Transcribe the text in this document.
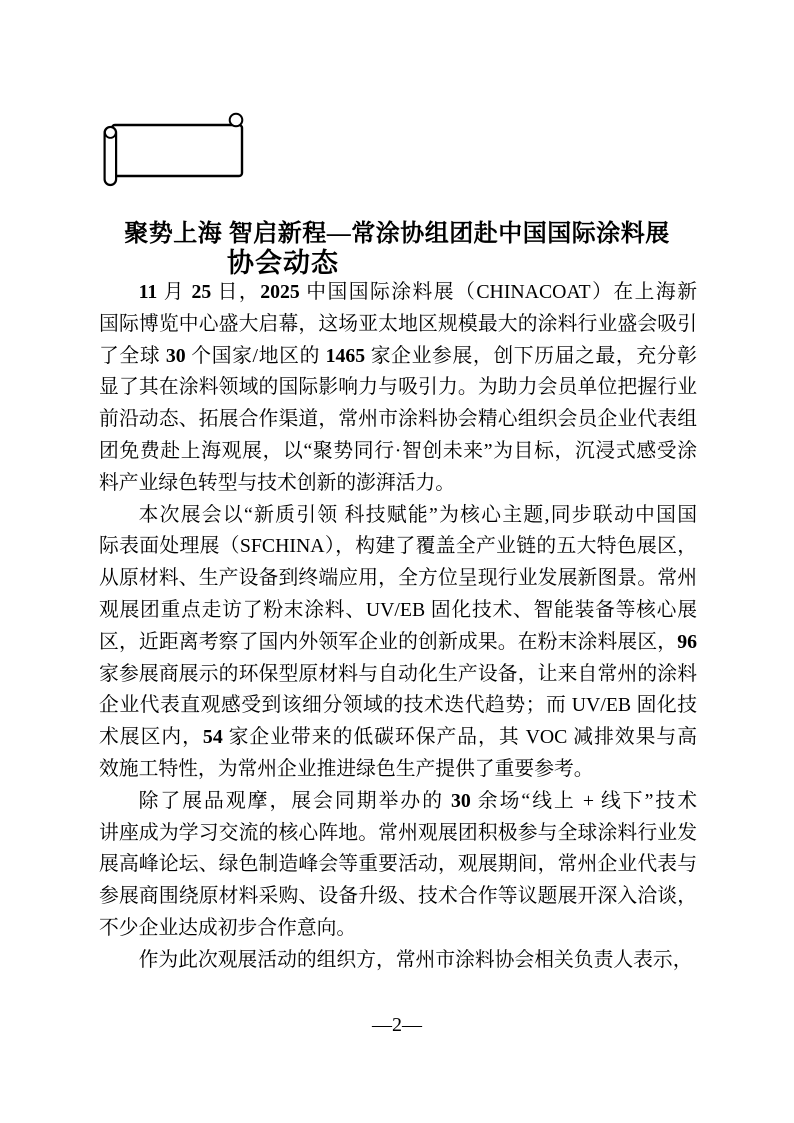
协会动态
聚势上海 智启新程—常涂协组团赴中国国际涂料展
11 月 25 日，2025 中国国际涂料展（CHINACOAT）在上海新
国际博览中心盛大启幕，这场亚太地区规模最大的涂料行业盛会吸引
了全球 30 个国家/地区的 1465 家企业参展，创下历届之最，充分彰
显了其在涂料领域的国际影响力与吸引力。为助力会员单位把握行业
前沿动态、拓展合作渠道，常州市涂料协会精心组织会员企业代表组
团免费赴上海观展，以“聚势同行·智创未来”为目标，沉浸式感受涂
料产业绿色转型与技术创新的澎湃活力。
本次展会以“新质引领 科技赋能”为核心主题,同步联动中国国
际表面处理展（SFCHINA），构建了覆盖全产业链的五大特色展区，
从原材料、生产设备到终端应用，全方位呈现行业发展新图景。常州
观展团重点走访了粉末涂料、UV/EB 固化技术、智能装备等核心展
区，近距离考察了国内外领军企业的创新成果。在粉末涂料展区，96
家参展商展示的环保型原材料与自动化生产设备，让来自常州的涂料
企业代表直观感受到该细分领域的技术迭代趋势；而 UV/EB 固化技
术展区内，54 家企业带来的低碳环保产品，其 VOC 减排效果与高
效施工特性，为常州企业推进绿色生产提供了重要参考。
除了展品观摩，展会同期举办的 30 余场“线上 + 线下”技术
讲座成为学习交流的核心阵地。常州观展团积极参与全球涂料行业发
展高峰论坛、绿色制造峰会等重要活动，观展期间，常州企业代表与
参展商围绕原材料采购、设备升级、技术合作等议题展开深入洽谈，
不少企业达成初步合作意向。
作为此次观展活动的组织方，常州市涂料协会相关负责人表示，
—2—
